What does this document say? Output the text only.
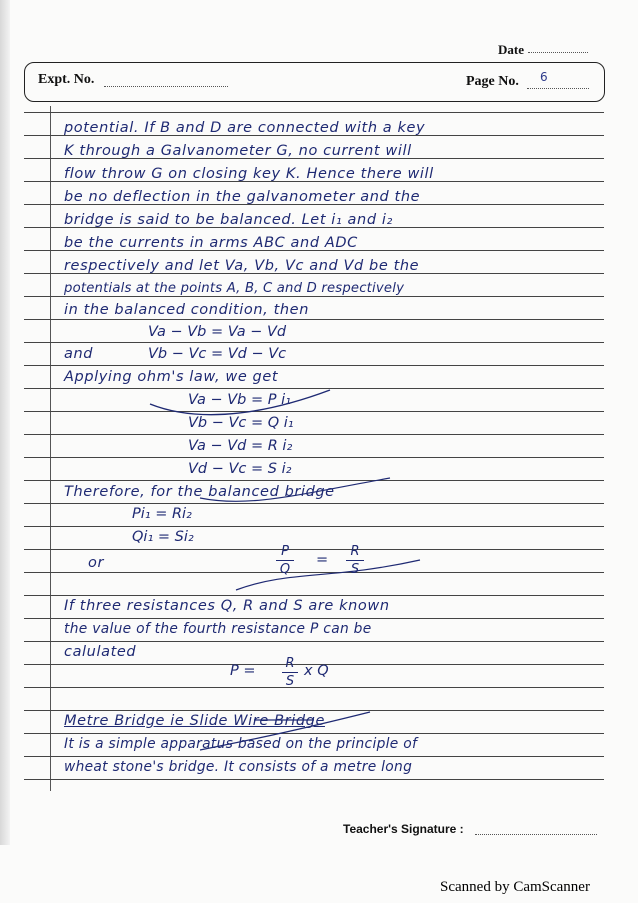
Date
Expt. No.	Page No. 6
potential. If B and D are connected with a key
K through a Galvanometer G, no current will
flow throw G on closing key K. Hence there will
be no deflection in the galvanometer and the
bridge is said to be balanced. Let i₁ and i₂
be the currents in arms ABC and ADC
respectively and let Va, Vb, Vc and Vd be the
potentials at the points A, B, C and D respectively
in the balanced condition, then
Va − Vb = Va − Vd
and	Vb − Vc = Vd − Vc
Applying ohm's law, we get
Va − Vb = P i₁
Vb − Vc = Q i₁
Va − Vd = R i₂
Vd − Vc = S i₂
Therefore, for the balanced bridge
Pi₁ = Ri₂
Qi₁ = Si₂
or
P
Q
=
R
S
If three resistances Q, R and S are known
the value of the fourth resistance P can be
calulated
P = R
S
x Q
Metre Bridge ie Slide Wire Bridge
It is a simple apparatus based on the principle of
wheat stone's bridge. It consists of a metre long
Teacher's Signature :
Scanned by CamScanner
